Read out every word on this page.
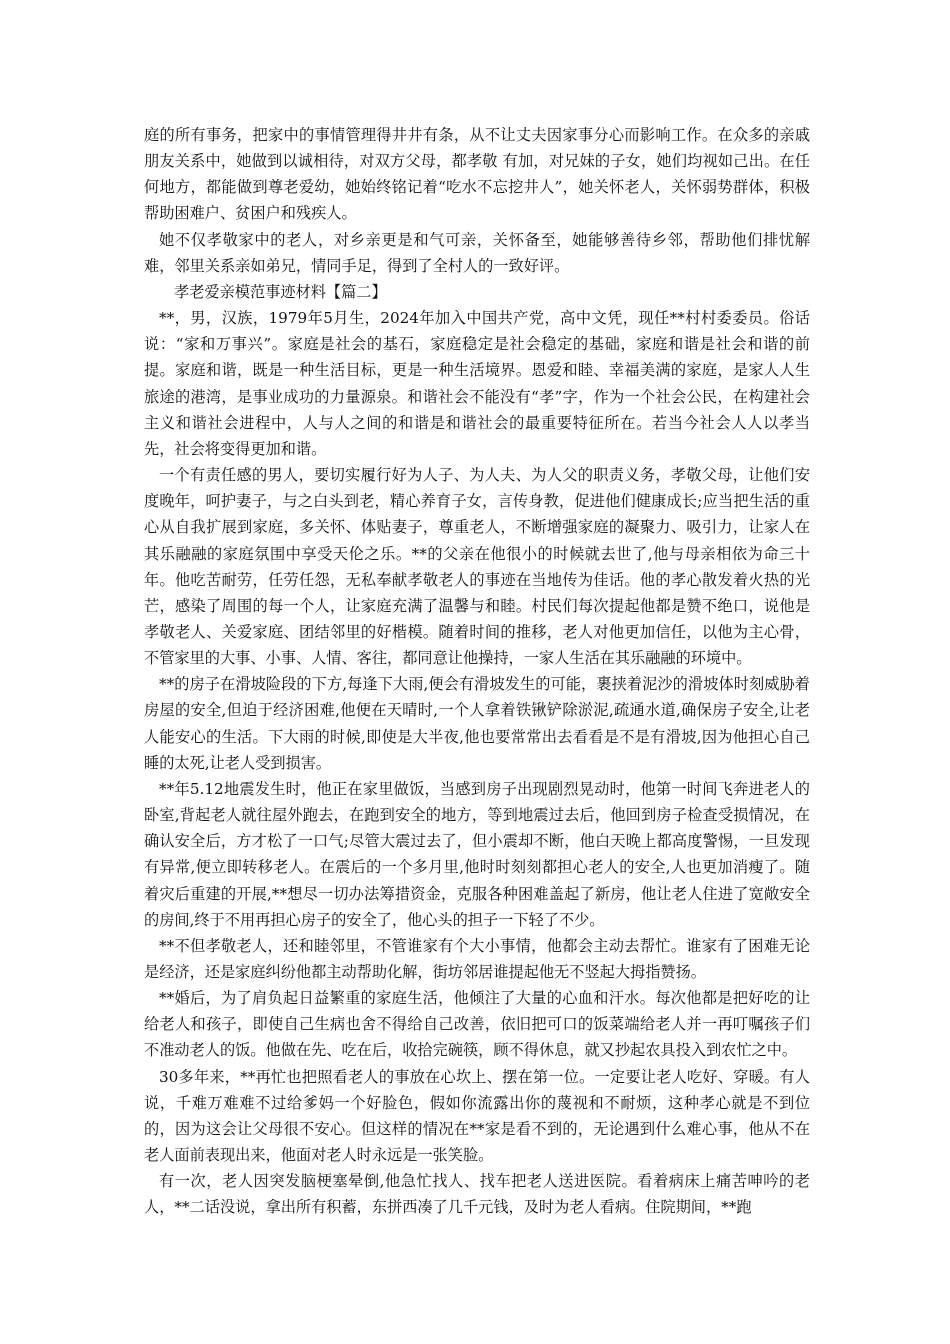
庭的所有事务，把家中的事情管理得井井有条，从不让丈夫因家事分心而影响工作。在众多的亲戚朋友关系中，她做到以诚相待，对双方父母，都孝敬 有加，对兄妹的子女，她们均视如己出。在任何地方，都能做到尊老爱幼，她始终铭记着“吃水不忘挖井人”，她关怀老人，关怀弱势群体，积极帮助困难户、贫困户和残疾人。

她不仅孝敬家中的老人，对乡亲更是和气可亲，关怀备至，她能够善待乡邻，帮助他们排忧解难，邻里关系亲如弟兄，情同手足，得到了全村人的一致好评。

孝老爱亲模范事迹材料【篇二】

**，男，汉族，1979年5月生，2024年加入中国共产党，高中文凭，现任**村村委委员。俗话说：“家和万事兴”。家庭是社会的基石，家庭稳定是社会稳定的基础，家庭和谐是社会和谐的前提。家庭和谐，既是一种生活目标，更是一种生活境界。恩爱和睦、幸福美满的家庭，是家人人生旅途的港湾，是事业成功的力量源泉。和谐社会不能没有“孝”字，作为一个社会公民，在构建社会主义和谐社会进程中，人与人之间的和谐是和谐社会的最重要特征所在。若当今社会人人以孝当先，社会将变得更加和谐。

一个有责任感的男人，要切实履行好为人子、为人夫、为人父的职责义务，孝敬父母，让他们安度晚年，呵护妻子，与之白头到老，精心养育子女，言传身教，促进他们健康成长;应当把生活的重心从自我扩展到家庭，多关怀、体贴妻子，尊重老人，不断增强家庭的凝聚力、吸引力，让家人在其乐融融的家庭氛围中享受天伦之乐。**的父亲在他很小的时候就去世了,他与母亲相依为命三十年。他吃苦耐劳，任劳任怨，无私奉献孝敬老人的事迹在当地传为佳话。他的孝心散发着火热的光芒，感染了周围的每一个人，让家庭充满了温馨与和睦。村民们每次提起他都是赞不绝口，说他是孝敬老人、关爱家庭、团结邻里的好楷模。随着时间的推移，老人对他更加信任，以他为主心骨，不管家里的大事、小事、人情、客往，都同意让他操持，一家人生活在其乐融融的环境中。

**的房子在滑坡险段的下方,每逢下大雨,便会有滑坡发生的可能，裹挟着泥沙的滑坡体时刻威胁着房屋的安全,但迫于经济困难,他便在天晴时,一个人拿着铁锹铲除淤泥,疏通水道,确保房子安全,让老人能安心的生活。下大雨的时候,即使是大半夜,他也要常常出去看看是不是有滑坡,因为他担心自己睡的太死,让老人受到损害。

**年5.12地震发生时，他正在家里做饭，当感到房子出现剧烈晃动时，他第一时间飞奔进老人的卧室,背起老人就往屋外跑去，在跑到安全的地方，等到地震过去后，他回到房子检查受损情况，在确认安全后，方才松了一口气;尽管大震过去了，但小震却不断，他白天晚上都高度警惕，一旦发现有异常,便立即转移老人。在震后的一个多月里,他时时刻刻都担心老人的安全,人也更加消瘦了。随着灾后重建的开展,**想尽一切办法筹措资金，克服各种困难盖起了新房，他让老人住进了宽敞安全的房间,终于不用再担心房子的安全了，他心头的担子一下轻了不少。

**不但孝敬老人，还和睦邻里，不管谁家有个大小事情，他都会主动去帮忙。谁家有了困难无论是经济，还是家庭纠纷他都主动帮助化解，街坊邻居谁提起他无不竖起大拇指赞扬。

**婚后，为了肩负起日益繁重的家庭生活，他倾注了大量的心血和汗水。每次他都是把好吃的让给老人和孩子，即使自己生病也舍不得给自己改善，依旧把可口的饭菜端给老人并一再叮嘱孩子们不准动老人的饭。他做在先、吃在后，收拾完碗筷，顾不得休息，就又抄起农具投入到农忙之中。

30多年来，**再忙也把照看老人的事放在心坎上、摆在第一位。一定要让老人吃好、穿暖。有人说，千难万难难不过给爹妈一个好脸色，假如你流露出你的蔑视和不耐烦，这种孝心就是不到位的，因为这会让父母很不安心。但这样的情况在**家是看不到的，无论遇到什么难心事，他从不在老人面前表现出来，他面对老人时永远是一张笑脸。

有一次，老人因突发脑梗塞晕倒,他急忙找人、找车把老人送进医院。看着病床上痛苦呻吟的老人，**二话没说，拿出所有积蓄，东拼西凑了几千元钱，及时为老人看病。住院期间，**跑
